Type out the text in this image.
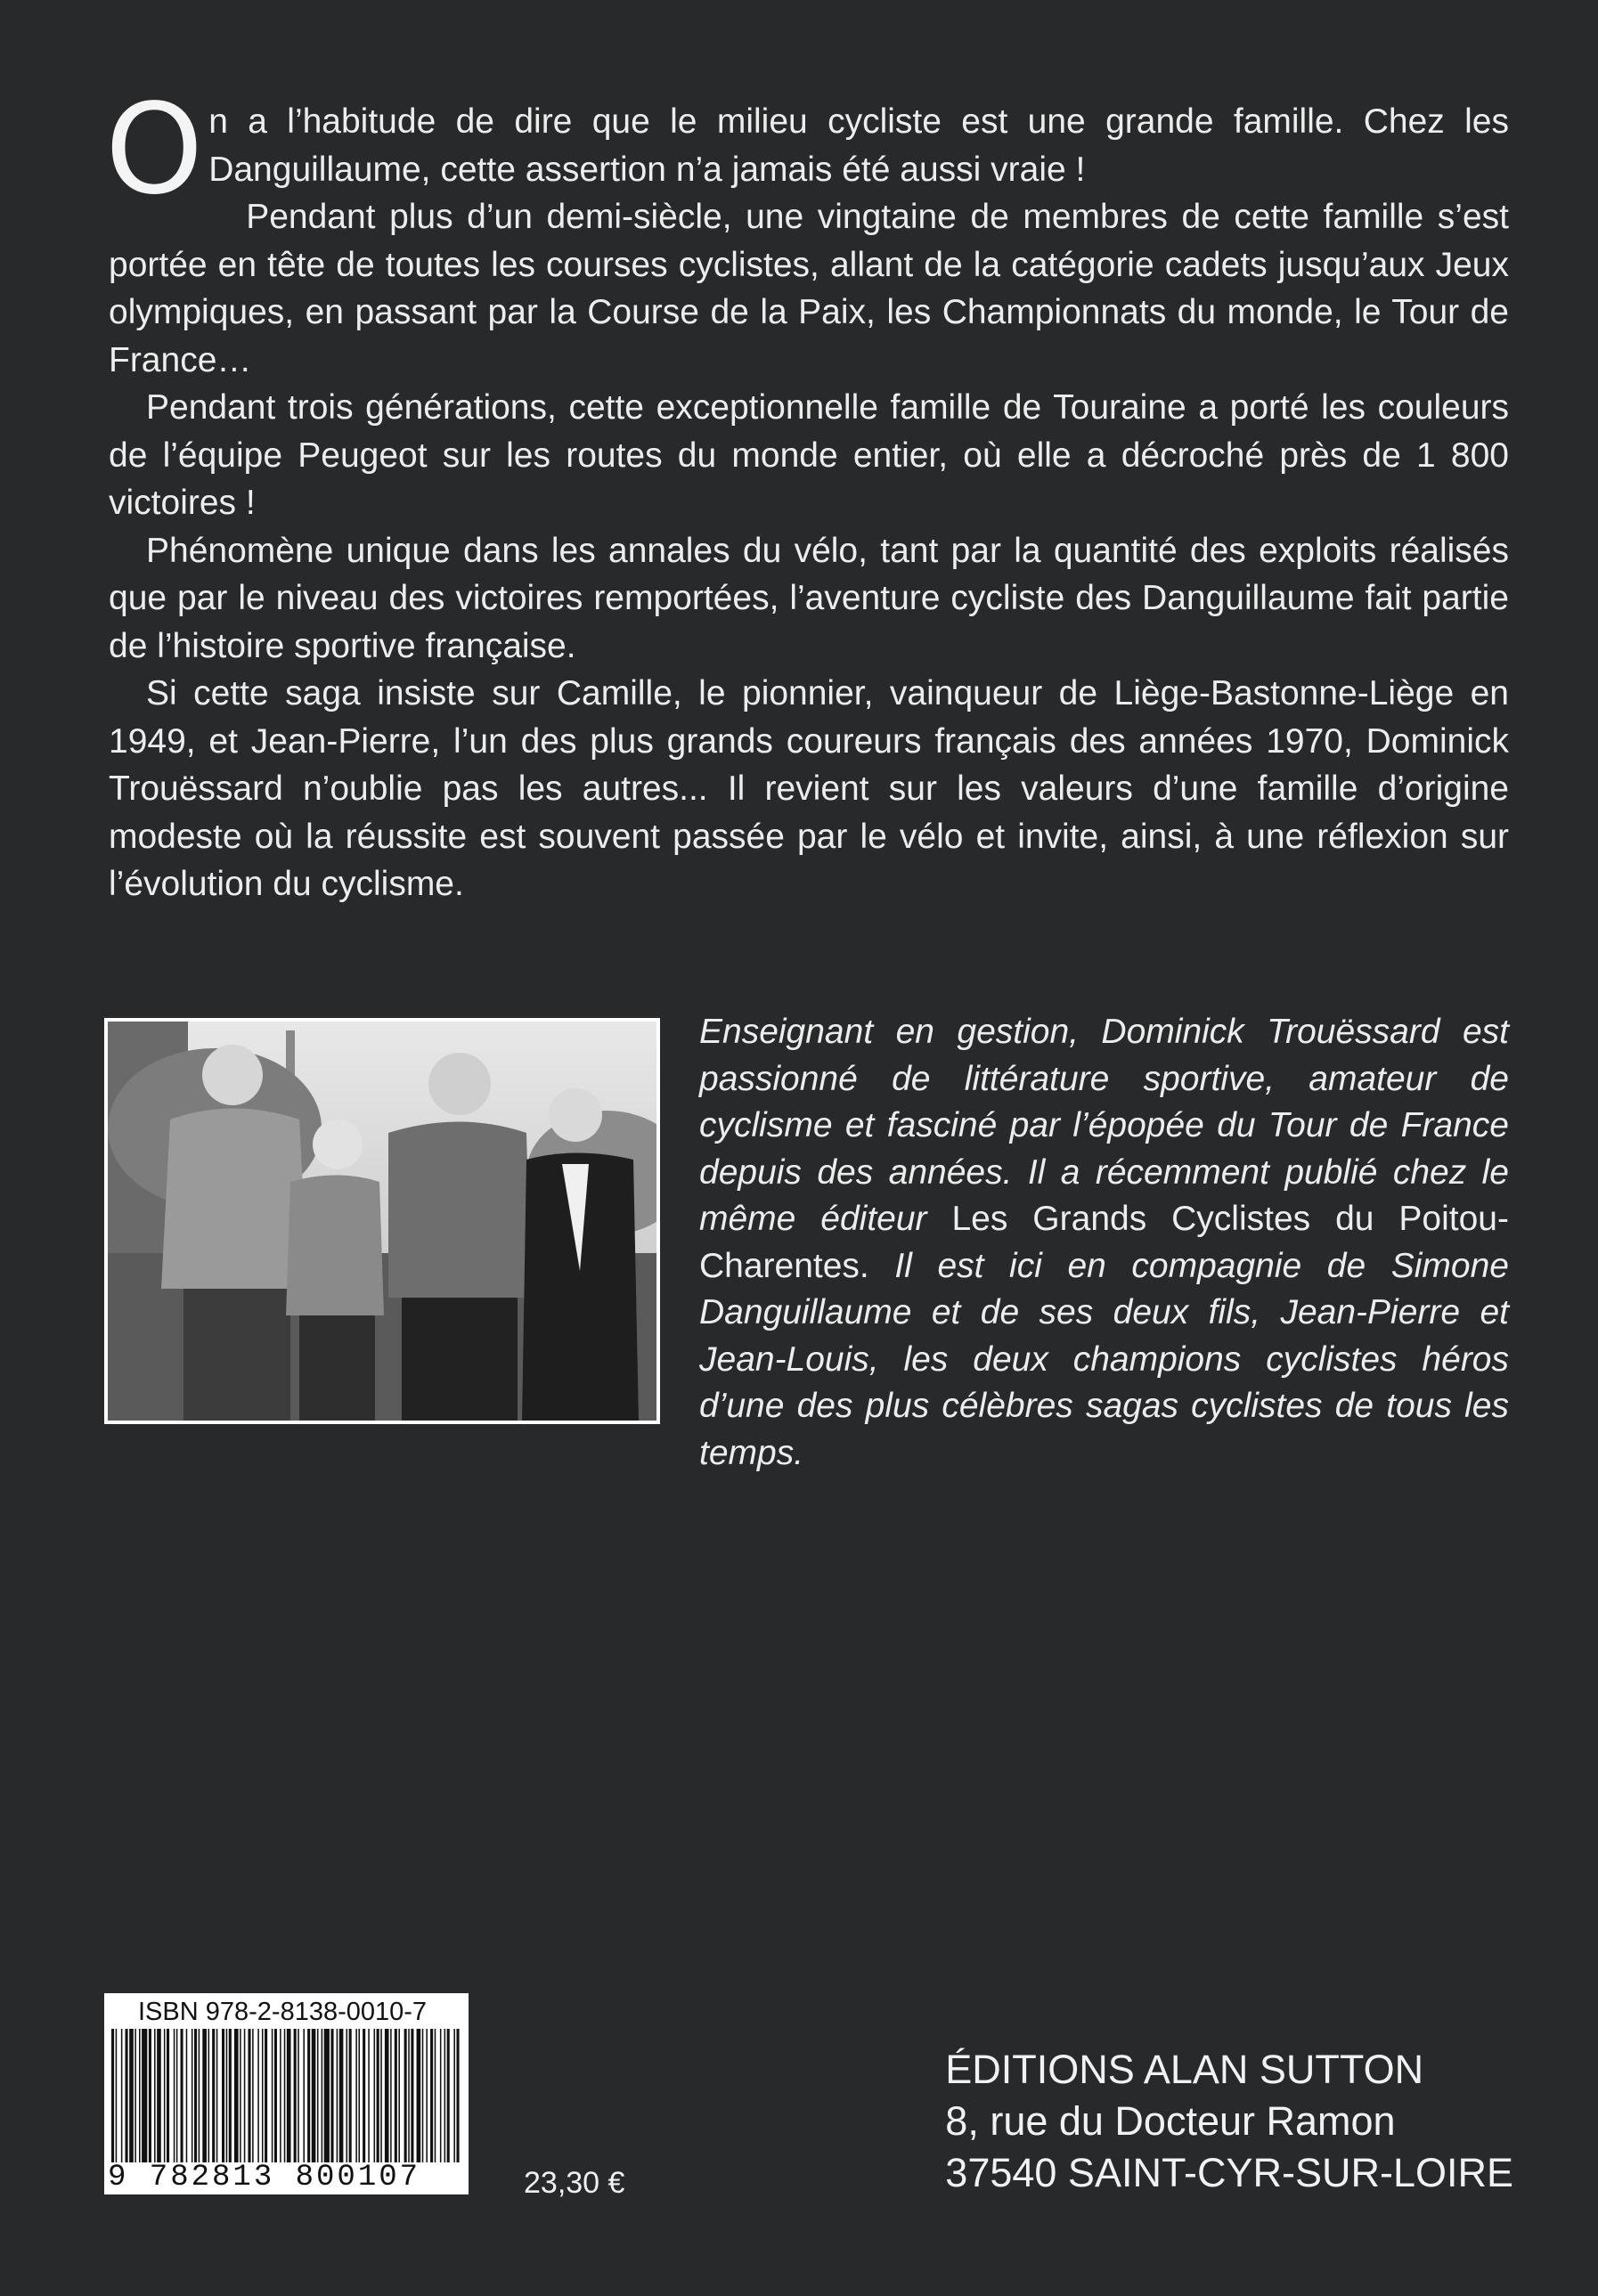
On a l’habitude de dire que le milieu cycliste est une grande famille. Chez les Danguillaume, cette assertion n’a jamais été aussi vraie !

Pendant plus d’un demi-siècle, une vingtaine de membres de cette famille s’est portée en tête de toutes les courses cyclistes, allant de la catégorie cadets jusqu’aux Jeux olympiques, en passant par la Course de la Paix, les Championnats du monde, le Tour de France…

Pendant trois générations, cette exceptionnelle famille de Touraine a porté les couleurs de l’équipe Peugeot sur les routes du monde entier, où elle a décroché près de 1 800 victoires !

Phénomène unique dans les annales du vélo, tant par la quantité des exploits réalisés que par le niveau des victoires remportées, l’aventure cycliste des Danguillaume fait partie de l’histoire sportive française.

Si cette saga insiste sur Camille, le pionnier, vainqueur de Liège-Bastonne-Liège en 1949, et Jean-Pierre, l’un des plus grands coureurs français des années 1970, Dominick Trouëssard n’oublie pas les autres... Il revient sur les valeurs d’une famille d’origine modeste où la réussite est souvent passée par le vélo et invite, ainsi, à une réflexion sur l’évolution du cyclisme.

Enseignant en gestion, Dominick Trouëssard est passionné de littérature sportive, amateur de cyclisme et fasciné par l’épopée du Tour de France depuis des années. Il a récemment publié chez le même éditeur Les Grands Cyclistes du Poitou-Charentes. Il est ici en compagnie de Simone Danguillaume et de ses deux fils, Jean-Pierre et Jean-Louis, les deux champions cyclistes héros d’une des plus célèbres sagas cyclistes de tous les temps.
ISBN 978-2-8138-0010-7
9 782813 800107	23,30 €
ÉDITIONS ALAN SUTTON
8, rue du Docteur Ramon
37540 SAINT-CYR-SUR-LOIRE
